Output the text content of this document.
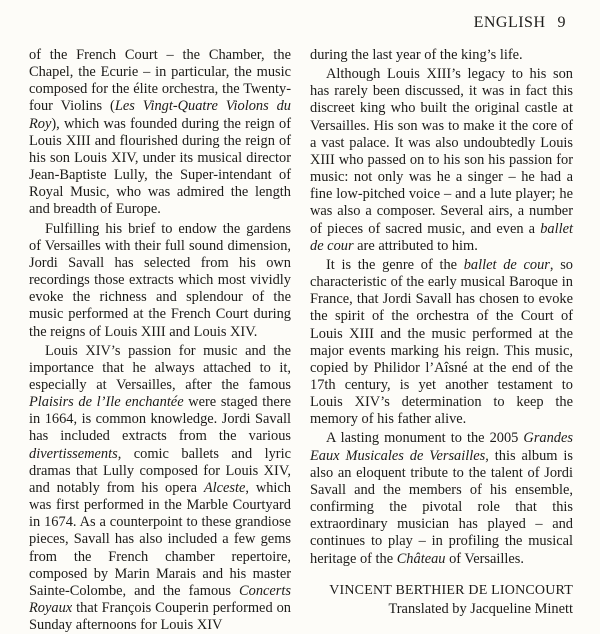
ENGLISH 9

of the French Court – the Chamber, the Chapel, the Ecurie – in particular, the music composed for the élite orchestra, the Twenty-four Violins (Les Vingt-Quatre Violons du Roy), which was founded during the reign of Louis XIII and flourished during the reign of his son Louis XIV, under its musical director Jean-Baptiste Lully, the Super-intendant of Royal Music, who was admired the length and breadth of Europe.

Fulfilling his brief to endow the gardens of Versailles with their full sound dimension, Jordi Savall has selected from his own recordings those extracts which most vividly evoke the richness and splendour of the music performed at the French Court during the reigns of Louis XIII and Louis XIV.

Louis XIV’s passion for music and the importance that he always attached to it, especially at Versailles, after the famous Plaisirs de l’Ile enchantée were staged there in 1664, is common knowledge. Jordi Savall has included extracts from the various divertissements, comic ballets and lyric dramas that Lully composed for Louis XIV, and notably from his opera Alceste, which was first performed in the Marble Courtyard in 1674. As a counterpoint to these grandiose pieces, Savall has also included a few gems from the French chamber repertoire, composed by Marin Marais and his master Sainte-Colombe, and the famous Concerts Royaux that François Couperin performed on Sunday afternoons for Louis XIV

during the last year of the king’s life.

Although Louis XIII’s legacy to his son has rarely been discussed, it was in fact this discreet king who built the original castle at Versailles. His son was to make it the core of a vast palace. It was also undoubtedly Louis XIII who passed on to his son his passion for music: not only was he a singer – he had a fine low-pitched voice – and a lute player; he was also a composer. Several airs, a number of pieces of sacred music, and even a ballet de cour are attributed to him.

It is the genre of the ballet de cour, so characteristic of the early musical Baroque in France, that Jordi Savall has chosen to evoke the spirit of the orchestra of the Court of Louis XIII and the music performed at the major events marking his reign. This music, copied by Philidor l’Aîsné at the end of the 17th century, is yet another testament to Louis XIV’s determination to keep the memory of his father alive.

A lasting monument to the 2005 Grandes Eaux Musicales de Versailles, this album is also an eloquent tribute to the talent of Jordi Savall and the members of his ensemble, confirming the pivotal role that this extraordinary musician has played – and continues to play – in profiling the musical heritage of the Château of Versailles.

VINCENT BERTHIER DE LIONCOURT
Translated by Jacqueline Minett
